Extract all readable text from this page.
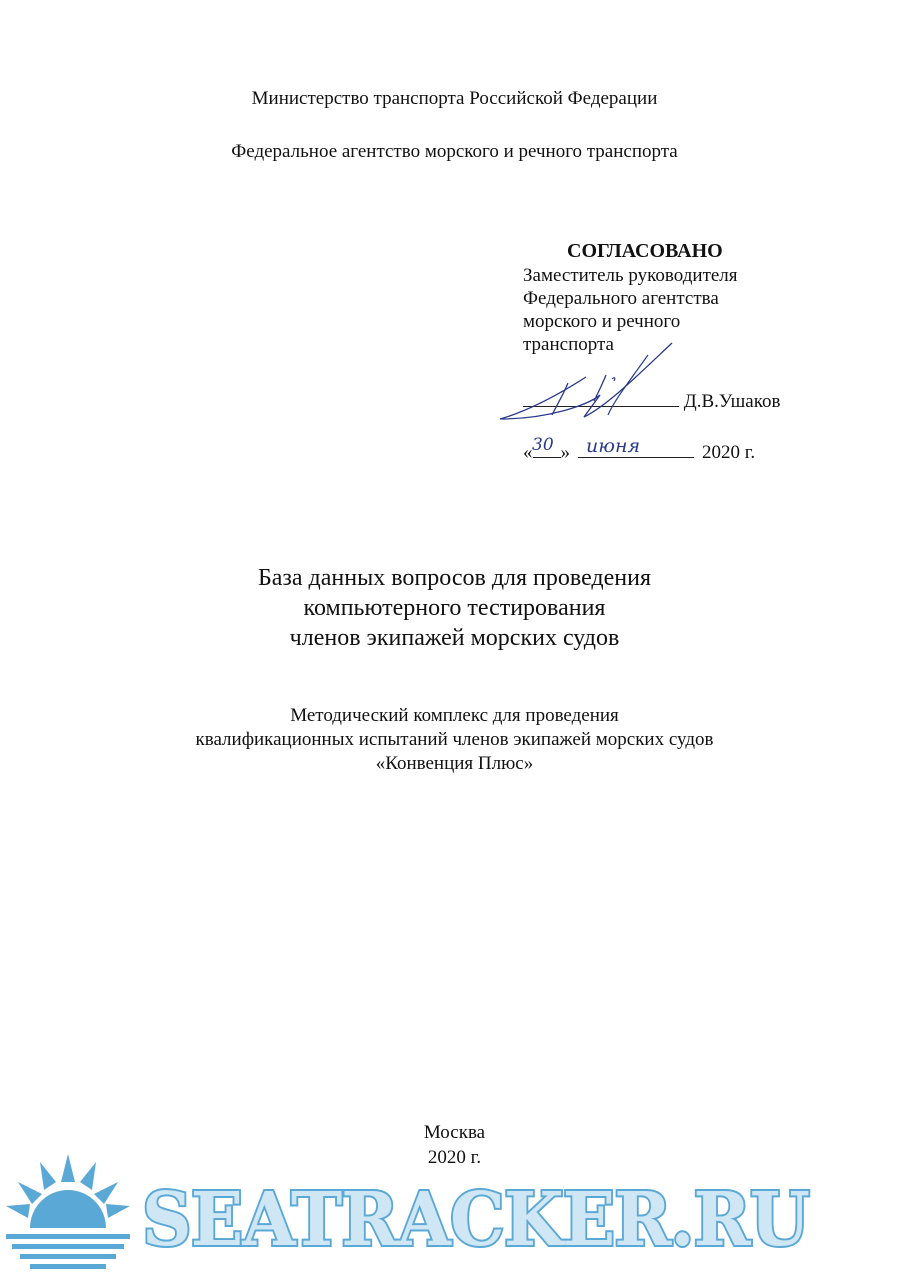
Министерство транспорта Российской Федерации
Федеральное агентство морского и речного транспорта
СОГЛАСОВАНО
Заместитель руководителя
Федерального агентства
морского и речного
транспорта
Д.В.Ушаков
« »	2020 г.
30 июня
База данных вопросов для проведения
компьютерного тестирования
членов экипажей морских судов
Методический комплекс для проведения
квалификационных испытаний членов экипажей морских судов
«Конвенция Плюс»
Москва
2020 г.
SEATRACKER.RU
